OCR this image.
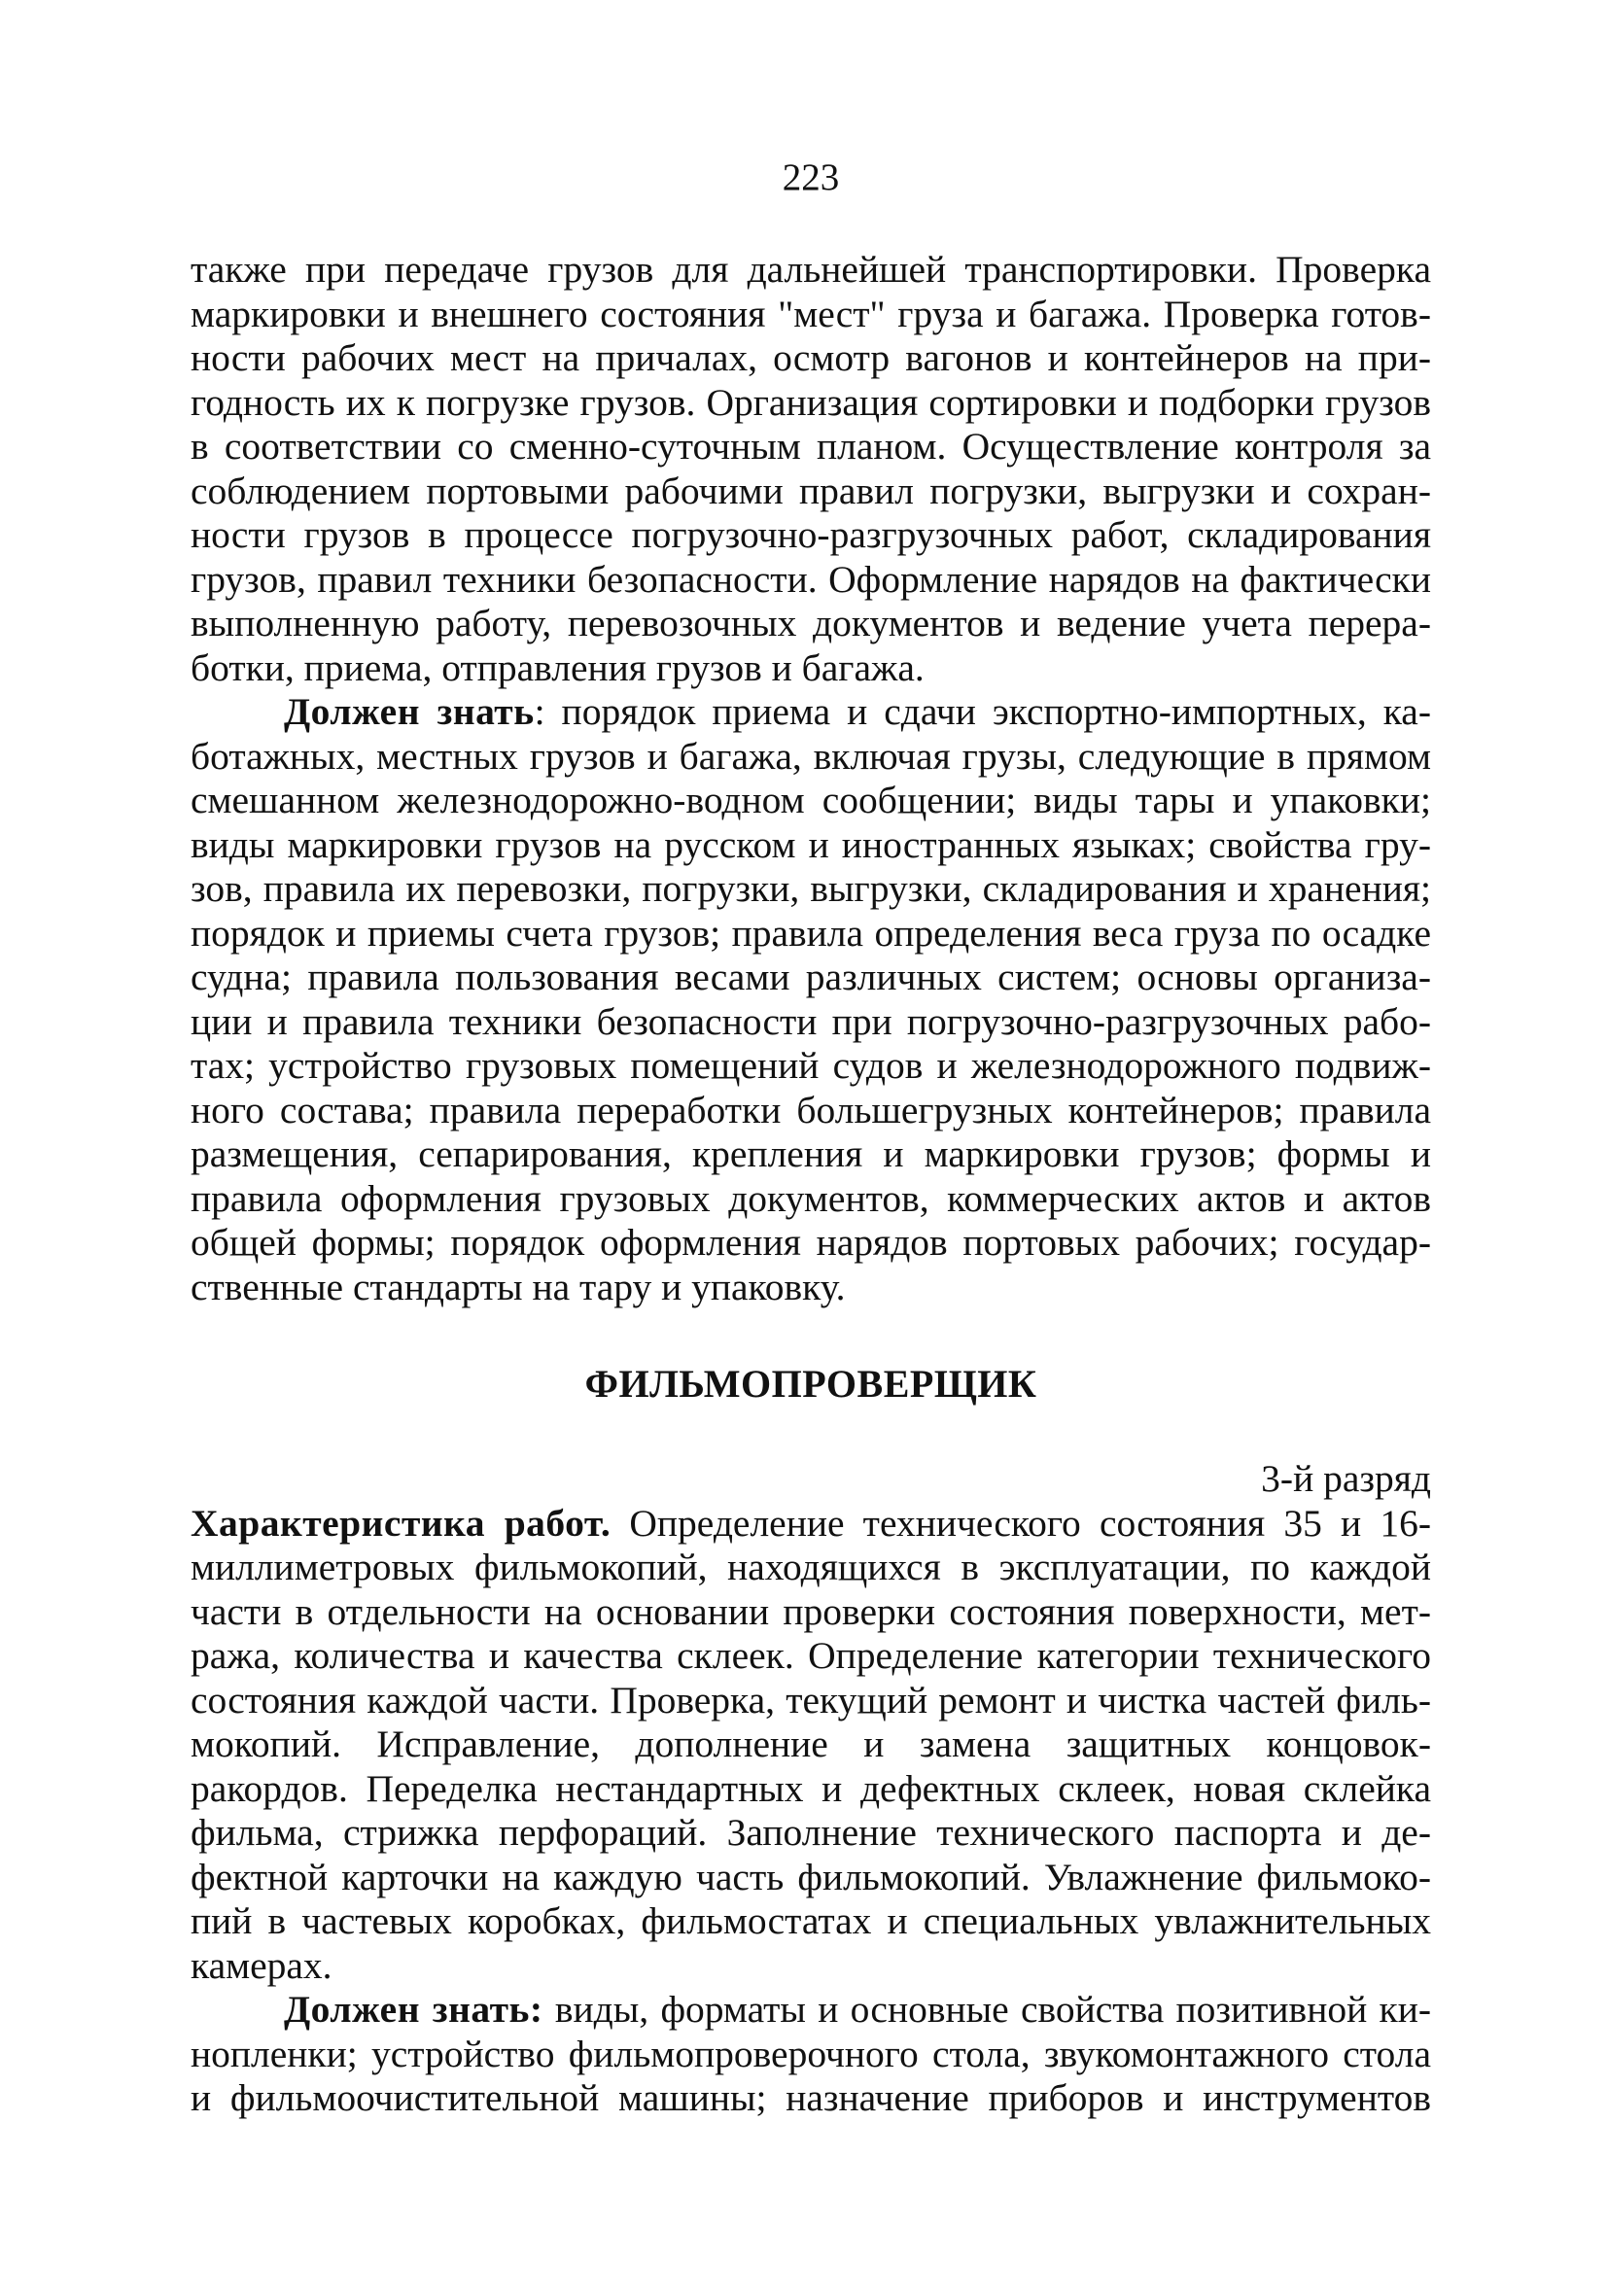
223

также при передаче грузов для дальнейшей транспортировки. Проверка маркировки и внешнего состояния "мест" груза и багажа. Проверка готовности рабочих мест на причалах, осмотр вагонов и контейнеров на пригодность их к погрузке грузов. Организация сортировки и подборки грузов в соответствии со сменно-суточным планом. Осуществление контроля за соблюдением портовыми рабочими правил погрузки, выгрузки и сохранности грузов в процессе погрузочно-разгрузочных работ, складирования грузов, правил техники безопасности. Оформление нарядов на фактически выполненную работу, перевозочных документов и ведение учета переработки, приема, отправления грузов и багажа.

Должен знать: порядок приема и сдачи экспортно-импортных, каботажных, местных грузов и багажа, включая грузы, следующие в прямом смешанном железнодорожно-водном сообщении; виды тары и упаковки; виды маркировки грузов на русском и иностранных языках; свойства грузов, правила их перевозки, погрузки, выгрузки, складирования и хранения; порядок и приемы счета грузов; правила определения веса груза по осадке судна; правила пользования весами различных систем; основы организации и правила техники безопасности при погрузочно-разгрузочных работах; устройство грузовых помещений судов и железнодорожного подвижного состава; правила переработки большегрузных контейнеров; правила размещения, сепарирования, крепления и маркировки грузов; формы и правила оформления грузовых документов, коммерческих актов и актов общей формы; порядок оформления нарядов портовых рабочих; государственные стандарты на тару и упаковку.

ФИЛЬМОПРОВЕРЩИК

3-й разряд

Характеристика работ. Определение технического состояния 35 и 16-миллиметровых фильмокопий, находящихся в эксплуатации, по каждой части в отдельности на основании проверки состояния поверхности, метража, количества и качества склеек. Определение категории технического состояния каждой части. Проверка, текущий ремонт и чистка частей фильмокопий. Исправление, дополнение и замена защитных концовок-ракордов. Переделка нестандартных и дефектных склеек, новая склейка фильма, стрижка перфораций. Заполнение технического паспорта и дефектной карточки на каждую часть фильмокопий. Увлажнение фильмокопий в частевых коробках, фильмостатах и специальных увлажнительных камерах.

Должен знать: виды, форматы и основные свойства позитивной кинопленки; устройство фильмопроверочного стола, звукомонтажного стола и фильмоочистительной машины; назначение приборов и инструментов
